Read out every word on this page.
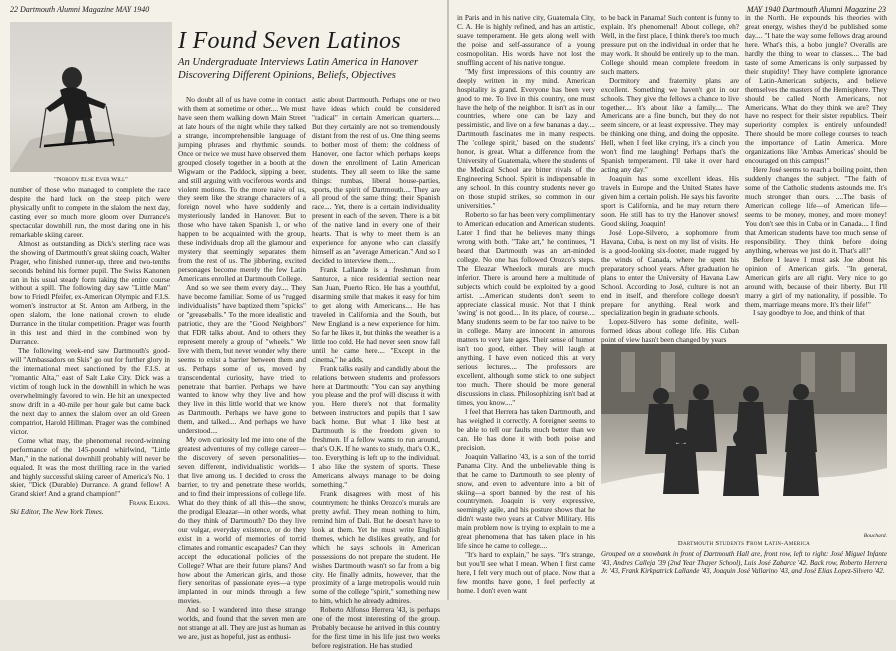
22 Dartmouth Alumni Magazine MAY 1940
"Nobody Else Ever Will"

number of those who managed to complete the race despite the hard luck on the steep pitch were physically unfit to compete in the slalom the next day, casting ever so much more gloom over Durrance's spectacular downhill run, the most daring one in his remarkable skiing career.

Almost as outstanding as Dick's sterling race was the showing of Dartmouth's great skiing coach, Walter Prager, who finished runner-up, three and two-tenths seconds behind his former pupil. The Swiss Kanonen ran in his usual steady form taking the entire course without a spill. The following day saw "Little Man" bow to Friedl Pfeifer, ex-American Olympic and F.I.S. women's instructor at St. Anton am Arlberg, in the open slalom, the lone national crown to elude Durrance in the titular competition. Prager was fourth in this test and third in the combined won by Durrance.

The following week-end saw Dartmouth's good-will "Ambassadors on Skis" go out for further glory in the international meet sanctioned by the F.I.S. at "romantic Alta," east of Salt Lake City. Dick was a victim of tough luck in the downhill in which he was overwhelmingly favored to win. He hit an unexpected snow drift in a 40-mile per hour gale but came back the next day to annex the slalom over an old Green compatriot, Harold Hillman. Prager was the combined victor.

Come what may, the phenomenal record-winning performance of the 145-pound whirlwind, "Little Man," in the national downhill probably will never be equaled. It was the most thrilling race in the varied and highly successful skiing career of America's No. 1 skier, "Dick (Durable) Durrance. A grand fellow! A Grand skier! And a grand champion!"

Frank Elkins.

Ski Editor, The New York Times.

I Found Seven Latinos
An Undergraduate Interviews Latin America in Hanover Discovering Different Opinions, Beliefs, Objectives

No doubt all of us have come in contact with them at sometime or other.... We must have seen them walking down Main Street at late hours of the night while they talked a strange, incomprehensible language of jumping phrases and rhythmic sounds. Once or twice we must have observed them grouped closely together in a booth at the Wigwam or the Paddock, sipping a beer, and still arguing with vociferous words and violent motions. To the more naive of us, they seem like the strange characters of a foreign novel who have suddenly and mysteriously landed in Hanover. But to those who have taken Spanish 1, or who happen to be acquainted with the group, these individuals drop all the glamour and mystery that seemingly separates them from the rest of us. The jibbering, excited personages become merely the few Latin Americans enrolled at Dartmouth College.

And so we see them every day.... They have become familiar. Some of us "rugged individualists" have baptized them "spicks" or "greaseballs." To the more idealistic and patriotic, they are the "Good Neighbors" that FDR talks about. And to others they represent merely a group of "wheels." We live with them, but never wonder why there seems to exist a barrier between them and us. Perhaps some of us, moved by transcendental curiosity, have tried to penetrate that barrier. Perhaps we have wanted to know why they live and how they live in this little world that we know as Dartmouth. Perhaps we have gone to them, and talked.... And perhaps we have understood....

My own curiosity led me into one of the greatest adventures of my college career—the discovery of seven personalities—seven different, individualistic worlds—that live among us. I decided to cross the barrier, to try and penetrate these worlds, and to find their impressions of college life. What do they think of all this—the snow, the prodigal Eleazar—in other words, what do they think of Dartmouth? Do they live our vulgar, everyday existence, or do they exist in a world of memories of torrid climates and romantic escapades? Can they accept the educational policies of the College? What are their future plans? And how about the American girls, and those fiery senoritas of passionate eyes—a type implanted in our minds through a few movies.

And so I wandered into these strange worlds, and found that the seven men are not strange at all. They are just as human as we are, just as hopeful, just as enthusi-

astic about Dartmouth. Perhaps one or two have ideas which could be considered "radical" in certain American quarters.... But they certainly are not so tremendously distant from the rest of us. One thing seems to bother most of them: the coldness of Hanover, one factor which perhaps keeps down the enrollment of Latin American students. They all seem to like the same things: rumbas, liberal house-parties, sports, the spirit of Dartmouth.... They are all proud of the same thing: their Spanish race.... Yet, there is a certain individuality present in each of the seven. There is a bit of the native land in every one of their hearts. That is why to meet them is an experience for anyone who can classify himself as an "average American." And so I decided to interview them....

Frank Lallande is a freshman from Santurce, a nice residential section near San Juan, Puerto Rico. He has a youthful, disarming smile that makes it easy for him to get along with Americans.... He has traveled in California and the South, but New England is a new experience for him. So far he likes it, but thinks the weather is a little too cold. He had never seen snow fall until he came here.... "Except in the cinema," he adds.

Frank talks easily and candidly about the relations between students and professors here at Dartmouth: "You can say anything you please and the prof will discuss it with you. Here there's not that formality between instructors and pupils that I saw back home. But what I like best at Dartmouth is the freedom given to freshmen. If a fellow wants to run around, that's O.K. If he wants to study, that's O.K., too. Everything is left up to the individual. I also like the system of sports. These Americans always manage to be doing something."

Frank disagrees with most of his countrymen: he thinks Orozco's murals are pretty awful. They mean nothing to him, remind him of Dali. But he doesn't have to look at them. Yet he must write English themes, which he dislikes greatly, and for which he says schools in American possessions do not prepare the student. He wishes Dartmouth wasn't so far from a big city. He finally admits, however, that the proximity of a large metropolis would ruin some of the college "spirit," something new to him, which he already admires.

Roberto Alfonso Herrera '43, is perhaps one of the most interesting of the group. Probably because he arrived in this country for the first time in his life just two weeks before registration. He has studied

MAY 1940 Dartmouth Alumni Magazine 23

in Paris and in his native city, Guatemala City, C. A. He is highly refined, and has an artistic, suave temperament. He gets along well with the poise and self-assurance of a young cosmopolitan. His words have not lost the snuffling accent of his native tongue.

"My first impressions of this country are deeply written in my mind. American hospitality is grand. Everyone has been very good to me. To live in this country, one must have the help of the neighbor. It isn't as in our countries, where one can be lazy and pessimistic, and live on a few bananas a day.... Dartmouth fascinates me in many respects. The 'college spirit,' based on the students' honor, is great. What a difference from the University of Guatemala, where the students of the Medical School are bitter rivals of the Engineering School. Spirit is indispensable in any school. In this country students never go on those stupid strikes, so common in our universities."

Roberto so far has been very complimentary to American education and American students. Later I find that he believes many things wrong with both. "Take art," he continues, "I heard that Dartmouth was an art-minded college. No one has followed Orozco's steps. The Eleazar Wheelock murals are much inferior. There is around here a multitude of subjects which could be exploited by a good artist. ...American students don't seem to appreciate classical music. Not that I think 'swing' is not good.... In its place, of course.... Many students seem to be far too naive to be in college. Many are innocent in amorous matters to very late ages. Their sense of humor isn't too good, either. They will laugh at anything. I have even noticed this at very serious lectures.... The professors are excellent, although some stick to one subject too much. There should be more general discussions in class. Philosophizing isn't bad at times, you know...."

I feel that Herrera has taken Dartmouth, and has weighed it correctly. A foreigner seems to be able to tell our faults much better than we can. He has done it with both poise and precision.

Joaquin Vallarino '43, is a son of the torrid Panama City. And the unbelievable thing is that he came to Dartmouth to see plenty of snow, and even to adventure into a bit of skiing—a sport banned by the rest of his countrymen. Joaquin is very expressive, seemingly agile, and his posture shows that he didn't waste two years at Culver Military. His main problem now is trying to explain to me a great phenomena that has taken place in his life since he came to college....

"It's hard to explain," he says. "It's strange, but you'll see what I mean. When I first came here, I felt very much out of place. Now that a few months have gone, I feel perfectly at home. I don't even want

to be back in Panama! Such content is funny to explain. It's phenomenal! About college, eh? Well, in the first place, I think there's too much pressure put on the individual in order that he may work. It should be entirely up to the man. College should mean complete freedom in such matters.

Dormitory and fraternity plans are excellent. Something we haven't got in our schools. They give the fellows a chance to live together.... It's about like a family.... The Americans are a fine bunch, but they do not seem sincere, or at least expressive. They may be thinking one thing, and doing the opposite. Hell, when I feel like crying, it's a cinch you won't find me laughing! Perhaps that's the Spanish temperament. I'll take it over hard acting any day."

Joaquin has some excellent ideas. His travels in Europe and the United States have given him a certain polish. He says his favorite sport is California, and he may return there soon. He still has to try the Hanover snows! Good skiing, Joaquin!

José Lope-Silvero, a sophomore from Havana, Cuba, is next on my list of visits. He is a good-looking six-footer, made rugged by the winds of Canada, where he spent his preparatory school years. After graduation he plans to enter the University of Havana Law School. According to José, culture is not an end in itself, and therefore college doesn't prepare for anything. Real work and specialization begin in graduate schools.

Lopez-Silvero has some definite, well-formed ideas about college life. His Cuban point of view hasn't been changed by years

in the North. He expounds his theories with great energy, wishes they'd be published some day.... "I hate the way some fellows drag around here. What's this, a hobo jungle? Overalls are hardly the thing to wear to classes.... The bad taste of some Americans is only surpassed by their stupidity! They have complete ignorance of Latin-American subjects, and believe themselves the masters of the Hemisphere. They should be called North Americans, not Americans. What do they think we are? They have no respect for their sister republics. Their superiority complex is entirely unfounded! There should be more college courses to teach the importance of Latin America. More organizations like 'Ambas Americas' should be encouraged on this campus!"

Here José seems to reach a boiling point, then suddenly changes the subject. "The faith of some of the Catholic students astounds me. It's much stronger than ours. ....The basis of American college life—of American life—seems to be money, money, and more money! You don't see this in Cuba or in Canada.... I find that American students have too much sense of responsibility. They think before doing anything, whereas we just do it. That's all!"

Before I leave I must ask Joe about his opinion of American girls. "In general, American girls are all right. Very nice to go around with, because of their liberty. But I'll marry a girl of my nationality, if possible. To them, marriage means more. It's their life!"

I say goodbye to Joe, and think of that

Bouchard.
Dartmouth Students From Latin-America
Grouped on a snowbank in front of Dartmouth Hall are, front row, left to right: José Miguel Infante '43, Andres Calleja '39 (2nd Year Thayer School), Luis José Zabarce '42. Back row, Roberto Herrera Jr. '43, Frank Kirkpatrick Lallande '43, Joaquin José Vallarino '43, and José Elias Lopez-Silvero '42.
